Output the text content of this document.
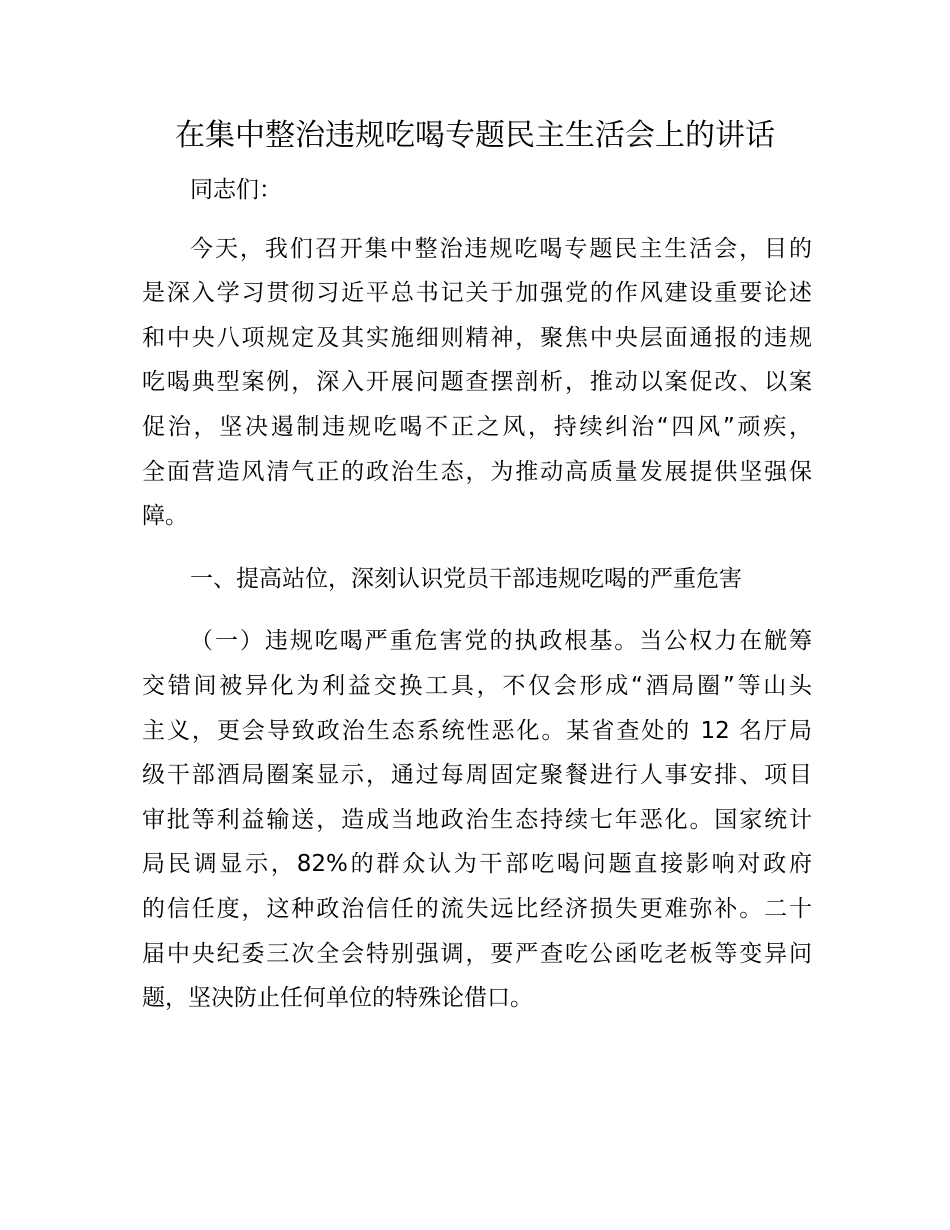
在集中整治违规吃喝专题民主生活会上的讲话

同志们：

今天，我们召开集中整治违规吃喝专题民主生活会，目的
是深入学习贯彻习近平总书记关于加强党的作风建设重要论述
和中央八项规定及其实施细则精神，聚焦中央层面通报的违规
吃喝典型案例，深入开展问题查摆剖析，推动以案促改、以案
促治，坚决遏制违规吃喝不正之风，持续纠治“四风”顽疾，
全面营造风清气正的政治生态，为推动高质量发展提供坚强保
障。

一、提高站位，深刻认识党员干部违规吃喝的严重危害

（一）违规吃喝严重危害党的执政根基。当公权力在觥筹
交错间被异化为利益交换工具，不仅会形成“酒局圈”等山头
主义，更会导致政治生态系统性恶化。某省查处的 12 名厅局
级干部酒局圈案显示，通过每周固定聚餐进行人事安排、项目
审批等利益输送，造成当地政治生态持续七年恶化。国家统计
局民调显示，82%的群众认为干部吃喝问题直接影响对政府
的信任度，这种政治信任的流失远比经济损失更难弥补。二十
届中央纪委三次全会特别强调，要严查吃公函吃老板等变异问
题，坚决防止任何单位的特殊论借口。
